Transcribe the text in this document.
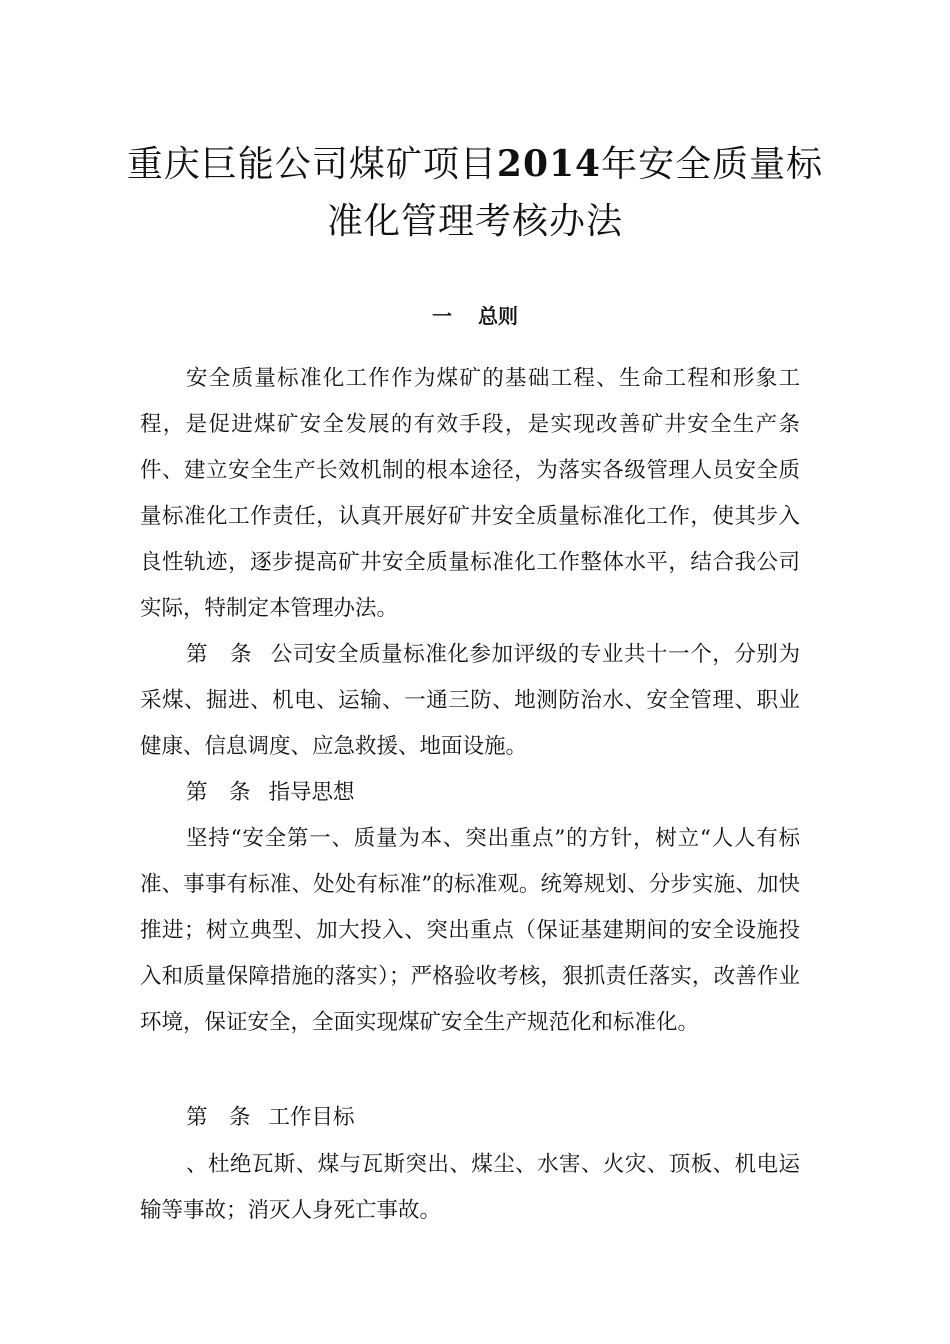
重庆巨能公司煤矿项目2014年安全质量标
准化管理考核办法
一 总则

安全质量标准化工作作为煤矿的基础工程、生命工程和形象工程，是促进煤矿安全发展的有效手段，是实现改善矿井安全生产条件、建立安全生产长效机制的根本途径，为落实各级管理人员安全质量标准化工作责任，认真开展好矿井安全质量标准化工作，使其步入良性轨迹，逐步提高矿井安全质量标准化工作整体水平，结合我公司实际，特制定本管理办法。

第　条 公司安全质量标准化参加评级的专业共十一个，分别为采煤、掘进、机电、运输、一通三防、地测防治水、安全管理、职业健康、信息调度、应急救援、地面设施。

第　条 指导思想

坚持“安全第一、质量为本、突出重点”的方针，树立“人人有标准、事事有标准、处处有标准”的标准观。统筹规划、分步实施、加快推进；树立典型、加大投入、突出重点（保证基建期间的安全设施投入和质量保障措施的落实）；严格验收考核，狠抓责任落实，改善作业环境，保证安全，全面实现煤矿安全生产规范化和标准化。

第　条 工作目标

、杜绝瓦斯、煤与瓦斯突出、煤尘、水害、火灾、顶板、机电运输等事故；消灭人身死亡事故。
